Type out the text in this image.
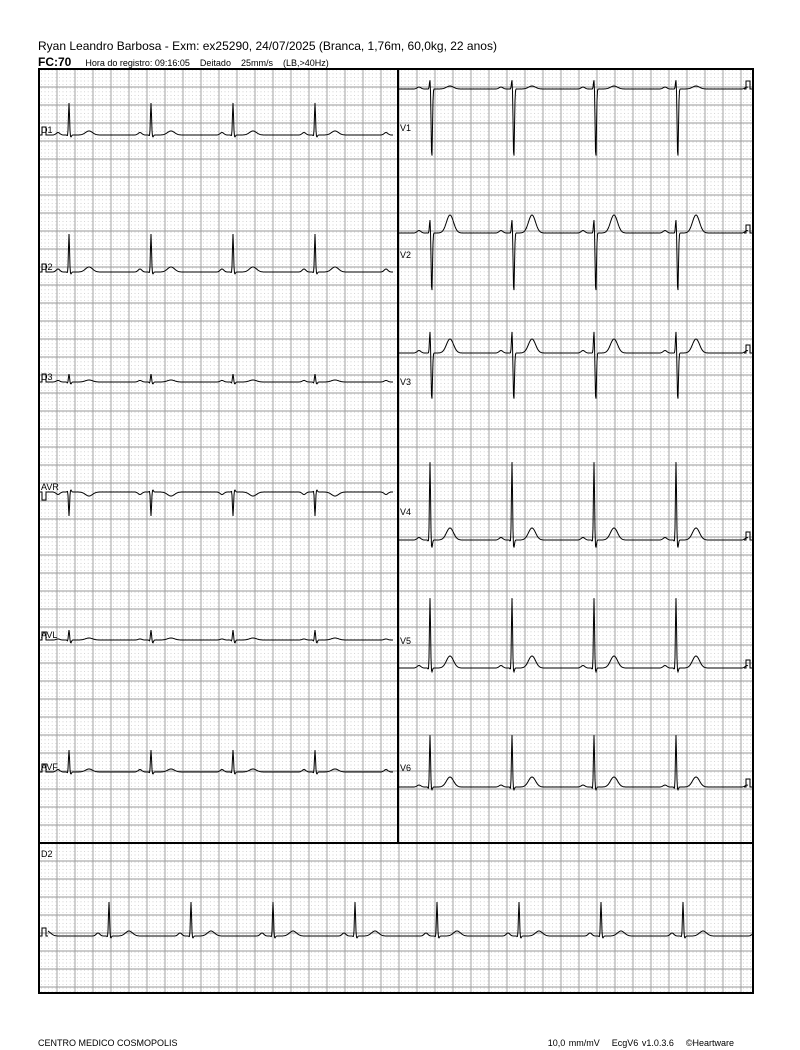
Ryan Leandro Barbosa - Exm: ex25290, 24/07/2025 (Branca, 1,76m, 60,0kg, 22 anos)
FC:70 Hora do registro: 09:16:05 Deitado 25mm/s (LB,>40Hz)
D1
D2
D3
AVR
AVL
AVF
V1
V2
V3
V4
V5
V6
D2
CENTRO MEDICO COSMOPOLIS	10,0 mm/mV EcgV6 v1.0.3.6 ©Heartware
